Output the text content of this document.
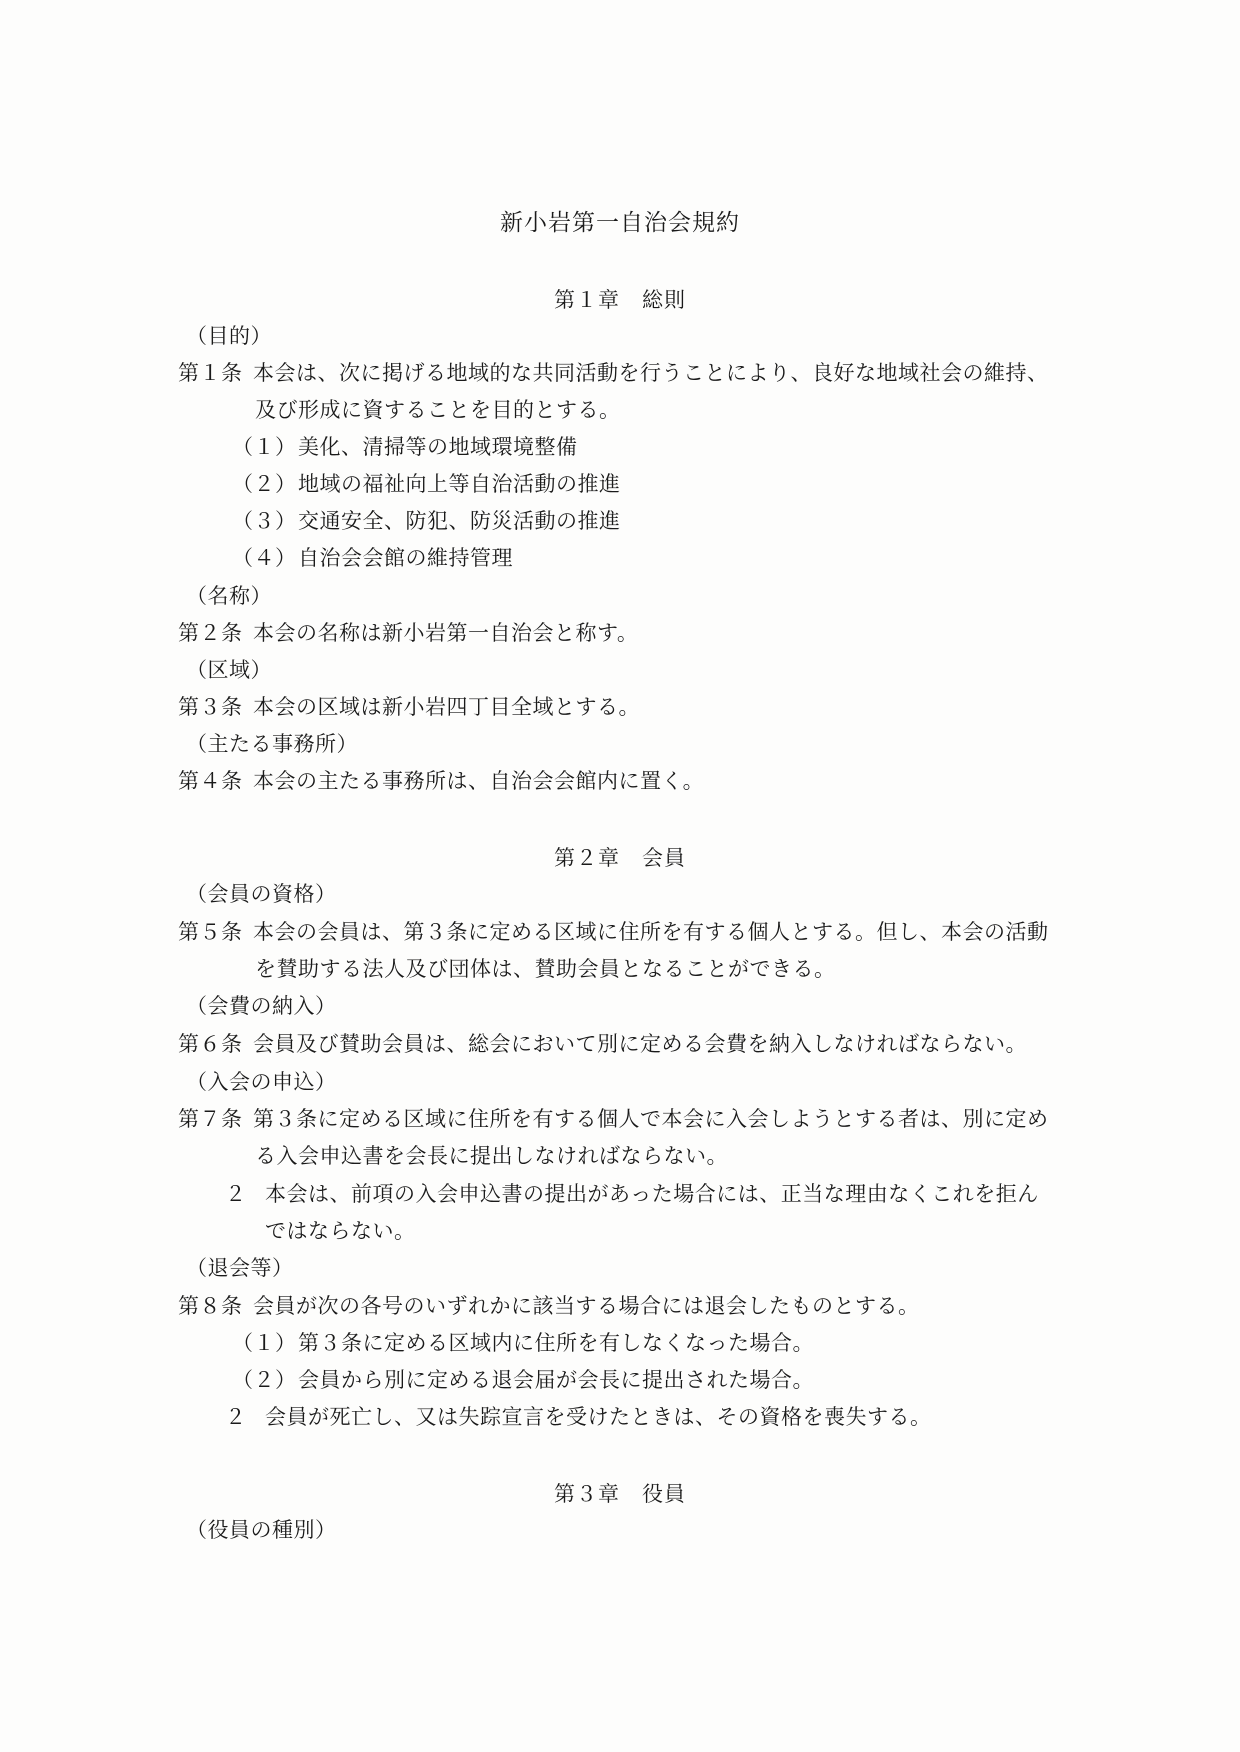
新小岩第一自治会規約
第１章　総則
（目的）
第１条 本会は、次に掲げる地域的な共同活動を行うことにより、良好な地域社会の維持、
及び形成に資することを目的とする。
（１）美化、清掃等の地域環境整備
（２）地域の福祉向上等自治活動の推進
（３）交通安全、防犯、防災活動の推進
（４）自治会会館の維持管理
（名称）
第２条 本会の名称は新小岩第一自治会と称す。
（区域）
第３条 本会の区域は新小岩四丁目全域とする。
（主たる事務所）
第４条 本会の主たる事務所は、自治会会館内に置く。
第２章　会員
（会員の資格）
第５条 本会の会員は、第３条に定める区域に住所を有する個人とする。但し、本会の活動
を賛助する法人及び団体は、賛助会員となることができる。
（会費の納入）
第６条 会員及び賛助会員は、総会において別に定める会費を納入しなければならない。
（入会の申込）
第７条 第３条に定める区域に住所を有する個人で本会に入会しようとする者は、別に定め
る入会申込書を会長に提出しなければならない。
２ 本会は、前項の入会申込書の提出があった場合には、正当な理由なくこれを拒ん
ではならない。
（退会等）
第８条 会員が次の各号のいずれかに該当する場合には退会したものとする。
（１）第３条に定める区域内に住所を有しなくなった場合。
（２）会員から別に定める退会届が会長に提出された場合。
２ 会員が死亡し、又は失踪宣言を受けたときは、その資格を喪失する。
第３章　役員
（役員の種別）
